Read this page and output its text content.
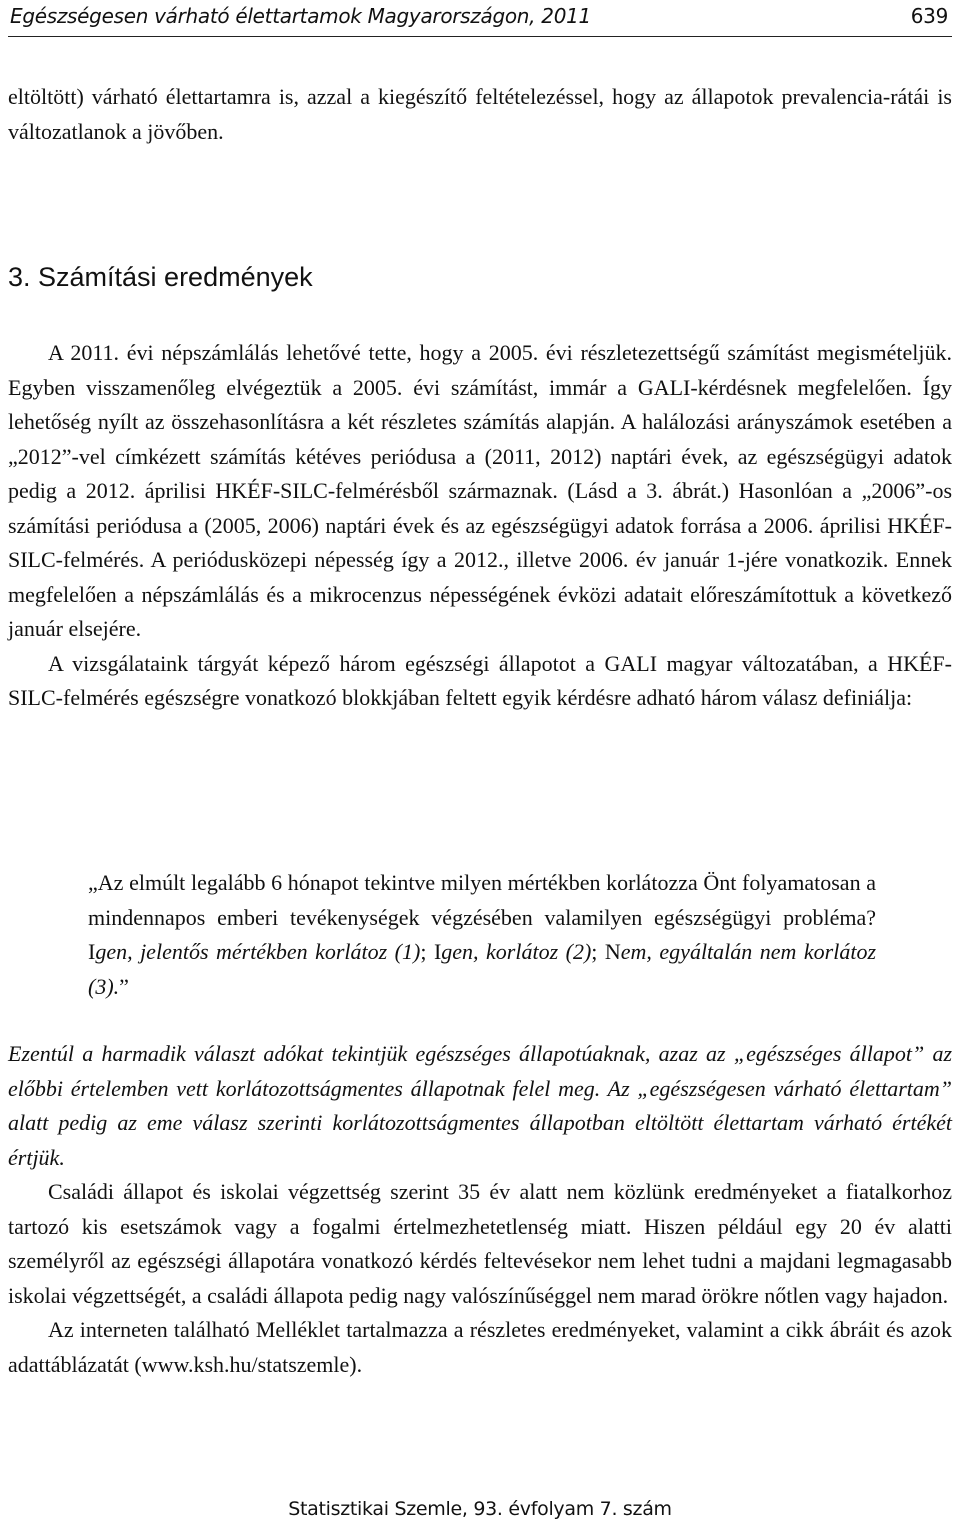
Egészségesen várható élettartamok Magyarországon, 2011	639

eltöltött) várható élettartamra is, azzal a kiegészítő feltételezéssel, hogy az állapotok prevalencia-rátái is változatlanok a jövőben.

3. Számítási eredmények

A 2011. évi népszámlálás lehetővé tette, hogy a 2005. évi részletezettségű számítást megismételjük. Egyben visszamenőleg elvégeztük a 2005. évi számítást, immár a GALI-kérdésnek megfelelően. Így lehetőség nyílt az összehasonlításra a két részletes számítás alapján. A halálozási arányszámok esetében a „2012”-vel címkézett számítás kétéves periódusa a (2011, 2012) naptári évek, az egészségügyi adatok pedig a 2012. áprilisi HKÉF-SILC-felmérésből származnak. (Lásd a 3. ábrát.) Hasonlóan a „2006”-os számítási periódusa a (2005, 2006) naptári évek és az egészségügyi adatok forrása a 2006. áprilisi HKÉF-SILC-felmérés. A periódusközepi népesség így a 2012., illetve 2006. év január 1-jére vonatkozik. Ennek megfelelően a népszámlálás és a mikrocenzus népességének évközi adatait előreszámítottuk a következő január elsejére.

A vizsgálataink tárgyát képező három egészségi állapotot a GALI magyar változatában, a HKÉF-SILC-felmérés egészségre vonatkozó blokkjában feltett egyik kérdésre adható három válasz definiálja:

„Az elmúlt legalább 6 hónapot tekintve milyen mértékben korlátozza Önt folyamatosan a mindennapos emberi tevékenységek végzésében valamilyen egészségügyi probléma? Igen, jelentős mértékben korlátoz (1); Igen, korlátoz (2); Nem, egyáltalán nem korlátoz (3).”

Ezentúl a harmadik választ adókat tekintjük egészséges állapotúaknak, azaz az „egészséges állapot” az előbbi értelemben vett korlátozottságmentes állapotnak felel meg. Az „egészségesen várható élettartam” alatt pedig az eme válasz szerinti korlátozottságmentes állapotban eltöltött élettartam várható értékét értjük.

Családi állapot és iskolai végzettség szerint 35 év alatt nem közlünk eredményeket a fiatalkorhoz tartozó kis esetszámok vagy a fogalmi értelmezhetetlenség miatt. Hiszen például egy 20 év alatti személyről az egészségi állapotára vonatkozó kérdés feltevésekor nem lehet tudni a majdani legmagasabb iskolai végzettségét, a családi állapota pedig nagy valószínűséggel nem marad örökre nőtlen vagy hajadon.

Az interneten található Melléklet tartalmazza a részletes eredményeket, valamint a cikk ábráit és azok adattáblázatát (www.ksh.hu/statszemle).

Statisztikai Szemle, 93. évfolyam 7. szám
